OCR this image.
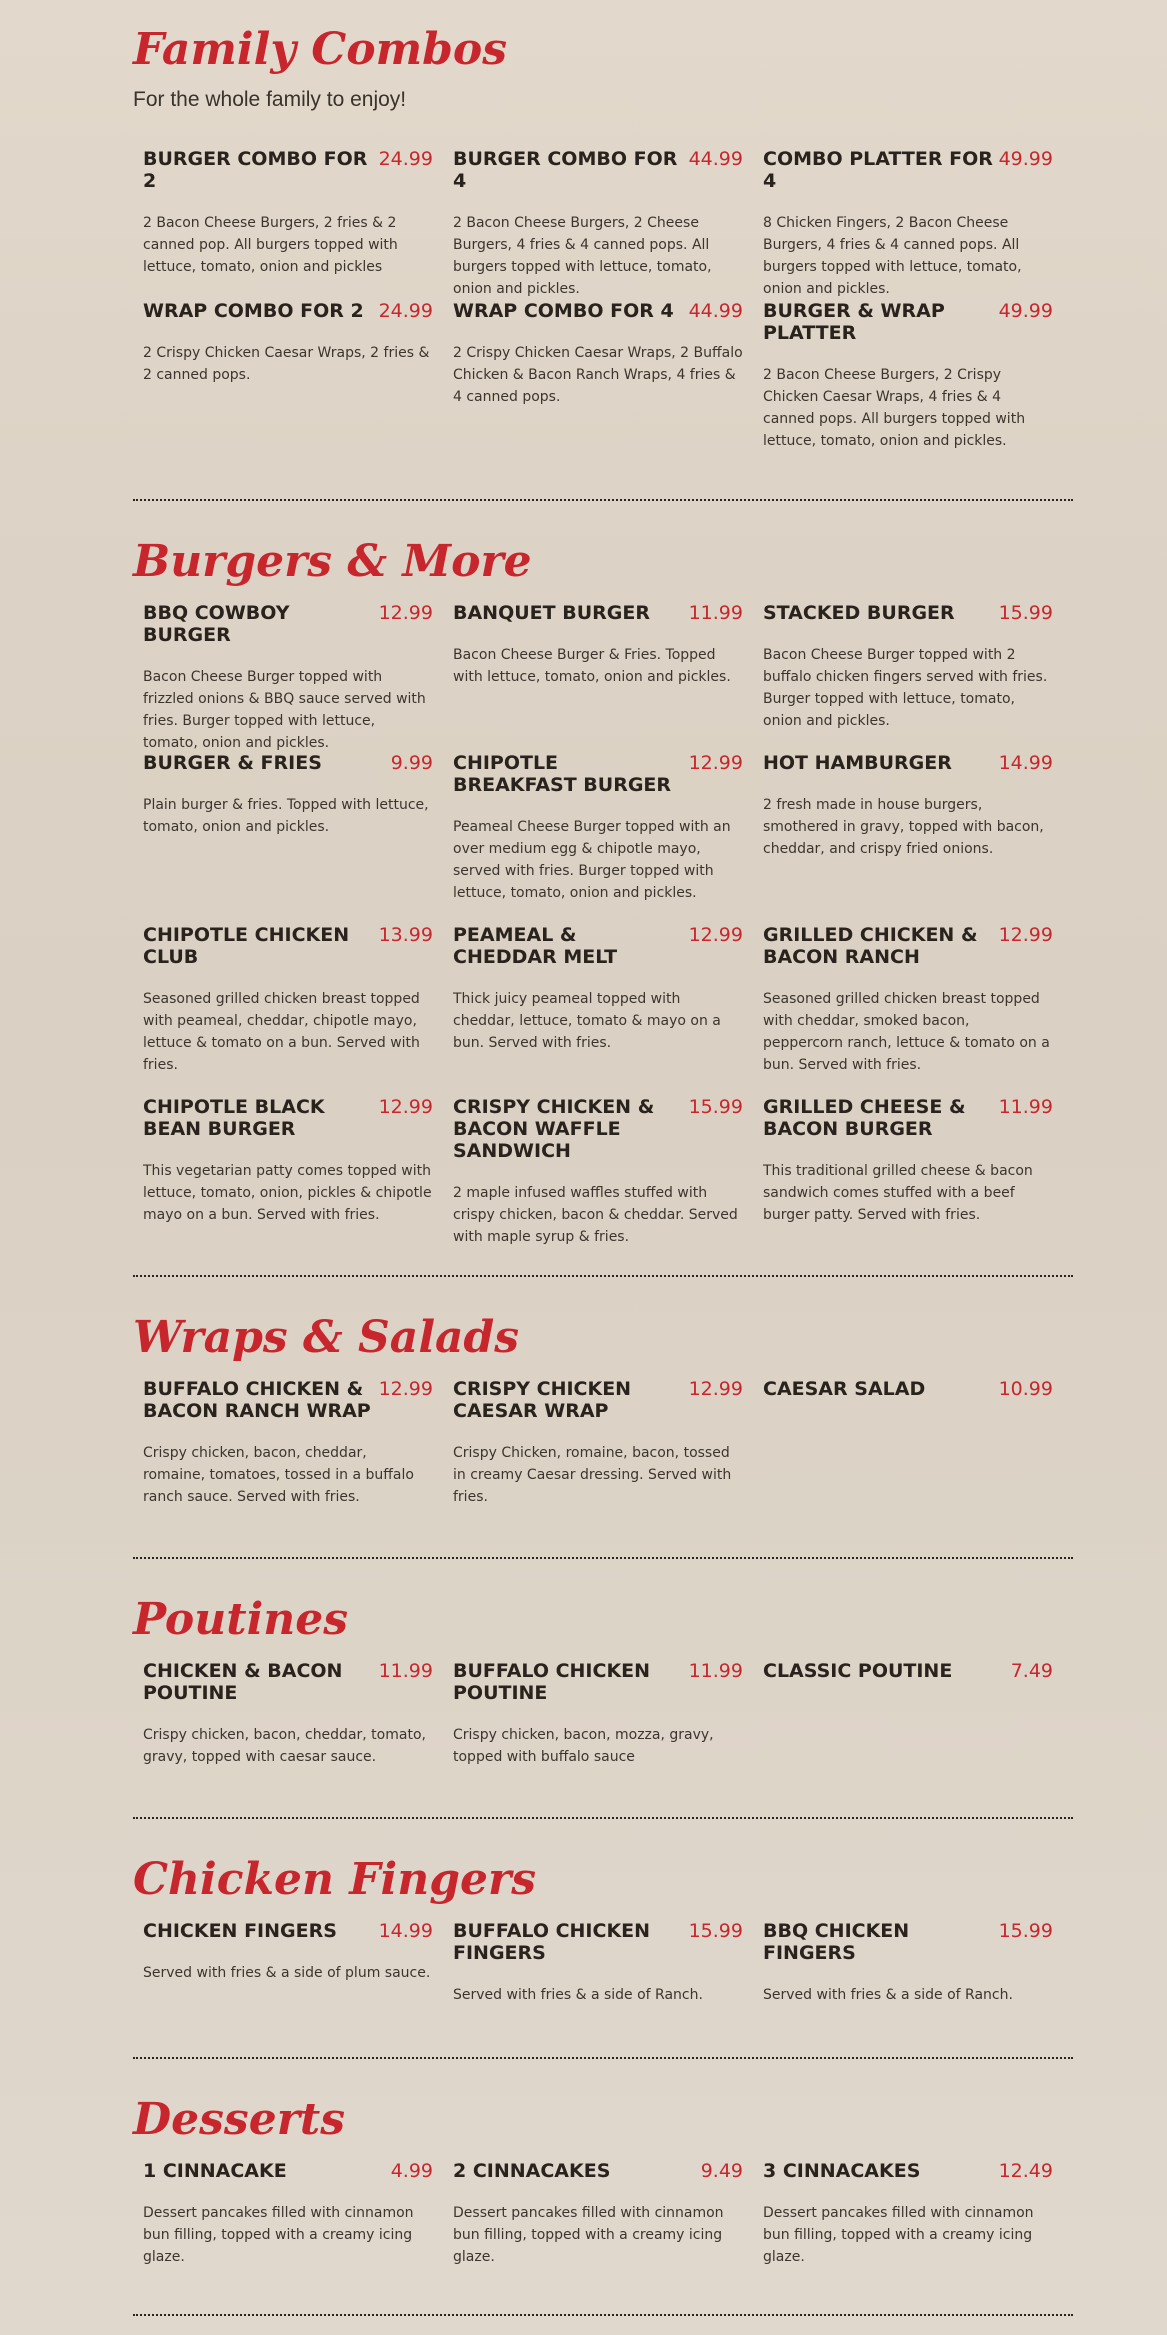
Family Combos

For the whole family to enjoy!

BURGER COMBO FOR 2

24.99

2 Bacon Cheese Burgers, 2 fries & 2 canned pop. All burgers topped with lettuce, tomato, onion and pickles

BURGER COMBO FOR 4

44.99

2 Bacon Cheese Burgers, 2 Cheese Burgers, 4 fries & 4 canned pops. All burgers topped with lettuce, tomato, onion and pickles.

COMBO PLATTER FOR 4

49.99

8 Chicken Fingers, 2 Bacon Cheese Burgers, 4 fries & 4 canned pops. All burgers topped with lettuce, tomato, onion and pickles.

WRAP COMBO FOR 2 24.99

2 Crispy Chicken Caesar Wraps, 2 fries & 2 canned pops.

WRAP COMBO FOR 4 44.99

2 Crispy Chicken Caesar Wraps, 2 Buffalo Chicken & Bacon Ranch Wraps, 4 fries & 4 canned pops.

BURGER & WRAP PLATTER

49.99

2 Bacon Cheese Burgers, 2 Crispy Chicken Caesar Wraps, 4 fries & 4 canned pops. All burgers topped with lettuce, tomato, onion and pickles.

Burgers & More

BBQ COWBOY BURGER

12.99

Bacon Cheese Burger topped with frizzled onions & BBQ sauce served with fries. Burger topped with lettuce, tomato, onion and pickles.

BANQUET BURGER 11.99

Bacon Cheese Burger & Fries. Topped with lettuce, tomato, onion and pickles.

STACKED BURGER 15.99

Bacon Cheese Burger topped with 2 buffalo chicken fingers served with fries. Burger topped with lettuce, tomato, onion and pickles.

BURGER & FRIES	9.99

Plain burger & fries. Topped with lettuce, tomato, onion and pickles.

CHIPOTLE BREAKFAST BURGER

12.99

Peameal Cheese Burger topped with an over medium egg & chipotle mayo, served with fries. Burger topped with lettuce, tomato, onion and pickles.

HOT HAMBURGER 14.99

2 fresh made in house burgers, smothered in gravy, topped with bacon, cheddar, and crispy fried onions.

CHIPOTLE CHICKEN CLUB

13.99

Seasoned grilled chicken breast topped with peameal, cheddar, chipotle mayo, lettuce & tomato on a bun. Served with fries.

PEAMEAL & CHEDDAR MELT

12.99

Thick juicy peameal topped with cheddar, lettuce, tomato & mayo on a bun. Served with fries.

GRILLED CHICKEN & BACON RANCH

12.99

Seasoned grilled chicken breast topped with cheddar, smoked bacon, peppercorn ranch, lettuce & tomato on a bun. Served with fries.

CHIPOTLE BLACK BEAN BURGER

12.99

This vegetarian patty comes topped with lettuce, tomato, onion, pickles & chipotle mayo on a bun. Served with fries.

CRISPY CHICKEN & BACON WAFFLE SANDWICH

15.99

2 maple infused waffles stuffed with crispy chicken, bacon & cheddar. Served with maple syrup & fries.

GRILLED CHEESE & BACON BURGER

11.99

This traditional grilled cheese & bacon sandwich comes stuffed with a beef burger patty. Served with fries.

Wraps & Salads

BUFFALO CHICKEN & BACON RANCH WRAP

12.99

Crispy chicken, bacon, cheddar, romaine, tomatoes, tossed in a buffalo ranch sauce. Served with fries.

CRISPY CHICKEN CAESAR WRAP

12.99

Crispy Chicken, romaine, bacon, tossed in creamy Caesar dressing. Served with fries.

CAESAR SALAD	10.99

Poutines

CHICKEN & BACON POUTINE

11.99

Crispy chicken, bacon, cheddar, tomato, gravy, topped with caesar sauce.

BUFFALO CHICKEN POUTINE

11.99

Crispy chicken, bacon, mozza, gravy, topped with buffalo sauce

CLASSIC POUTINE	7.49

Chicken Fingers

CHICKEN FINGERS 14.99

Served with fries & a side of plum sauce.

BUFFALO CHICKEN FINGERS

15.99

Served with fries & a side of Ranch.

BBQ CHICKEN FINGERS

15.99

Served with fries & a side of Ranch.

Desserts

1 CINNACAKE	4.99

Dessert pancakes filled with cinnamon bun filling, topped with a creamy icing glaze.

2 CINNACAKES	9.49

Dessert pancakes filled with cinnamon bun filling, topped with a creamy icing glaze.

3 CINNACAKES	12.49

Dessert pancakes filled with cinnamon bun filling, topped with a creamy icing glaze.
